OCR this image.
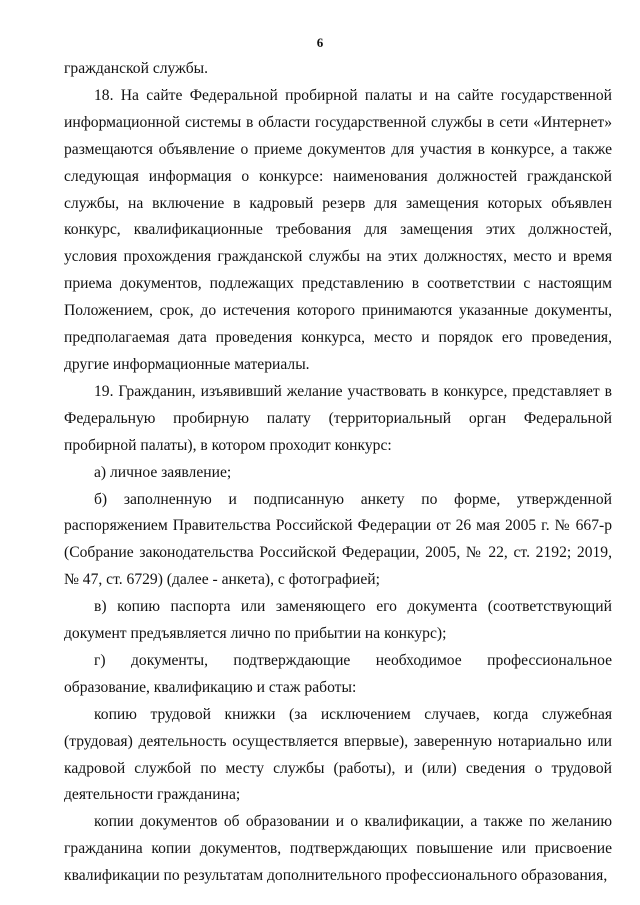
6

гражданской службы.

18. На сайте Федеральной пробирной палаты и на сайте государственной информационной системы в области государственной службы в сети «Интернет» размещаются объявление о приеме документов для участия в конкурсе, а также следующая информация о конкурсе: наименования должностей гражданской службы, на включение в кадровый резерв для замещения которых объявлен конкурс, квалификационные требования для замещения этих должностей, условия прохождения гражданской службы на этих должностях, место и время приема документов, подлежащих представлению в соответствии с настоящим Положением, срок, до истечения которого принимаются указанные документы, предполагаемая дата проведения конкурса, место и порядок его проведения, другие информационные материалы.

19. Гражданин, изъявивший желание участвовать в конкурсе, представляет в Федеральную пробирную палату (территориальный орган Федеральной пробирной палаты), в котором проходит конкурс:

а) личное заявление;

б) заполненную и подписанную анкету по форме, утвержденной распоряжением Правительства Российской Федерации от 26 мая 2005 г. № 667-р (Собрание законодательства Российской Федерации, 2005, № 22, ст. 2192; 2019, № 47, ст. 6729) (далее - анкета), с фотографией;

в) копию паспорта или заменяющего его документа (соответствующий документ предъявляется лично по прибытии на конкурс);

г) документы, подтверждающие необходимое профессиональное образование, квалификацию и стаж работы:

копию трудовой книжки (за исключением случаев, когда служебная (трудовая) деятельность осуществляется впервые), заверенную нотариально или кадровой службой по месту службы (работы), и (или) сведения о трудовой деятельности гражданина;

копии документов об образовании и о квалификации, а также по желанию гражданина копии документов, подтверждающих повышение или присвоение квалификации по результатам дополнительного профессионального образования,
